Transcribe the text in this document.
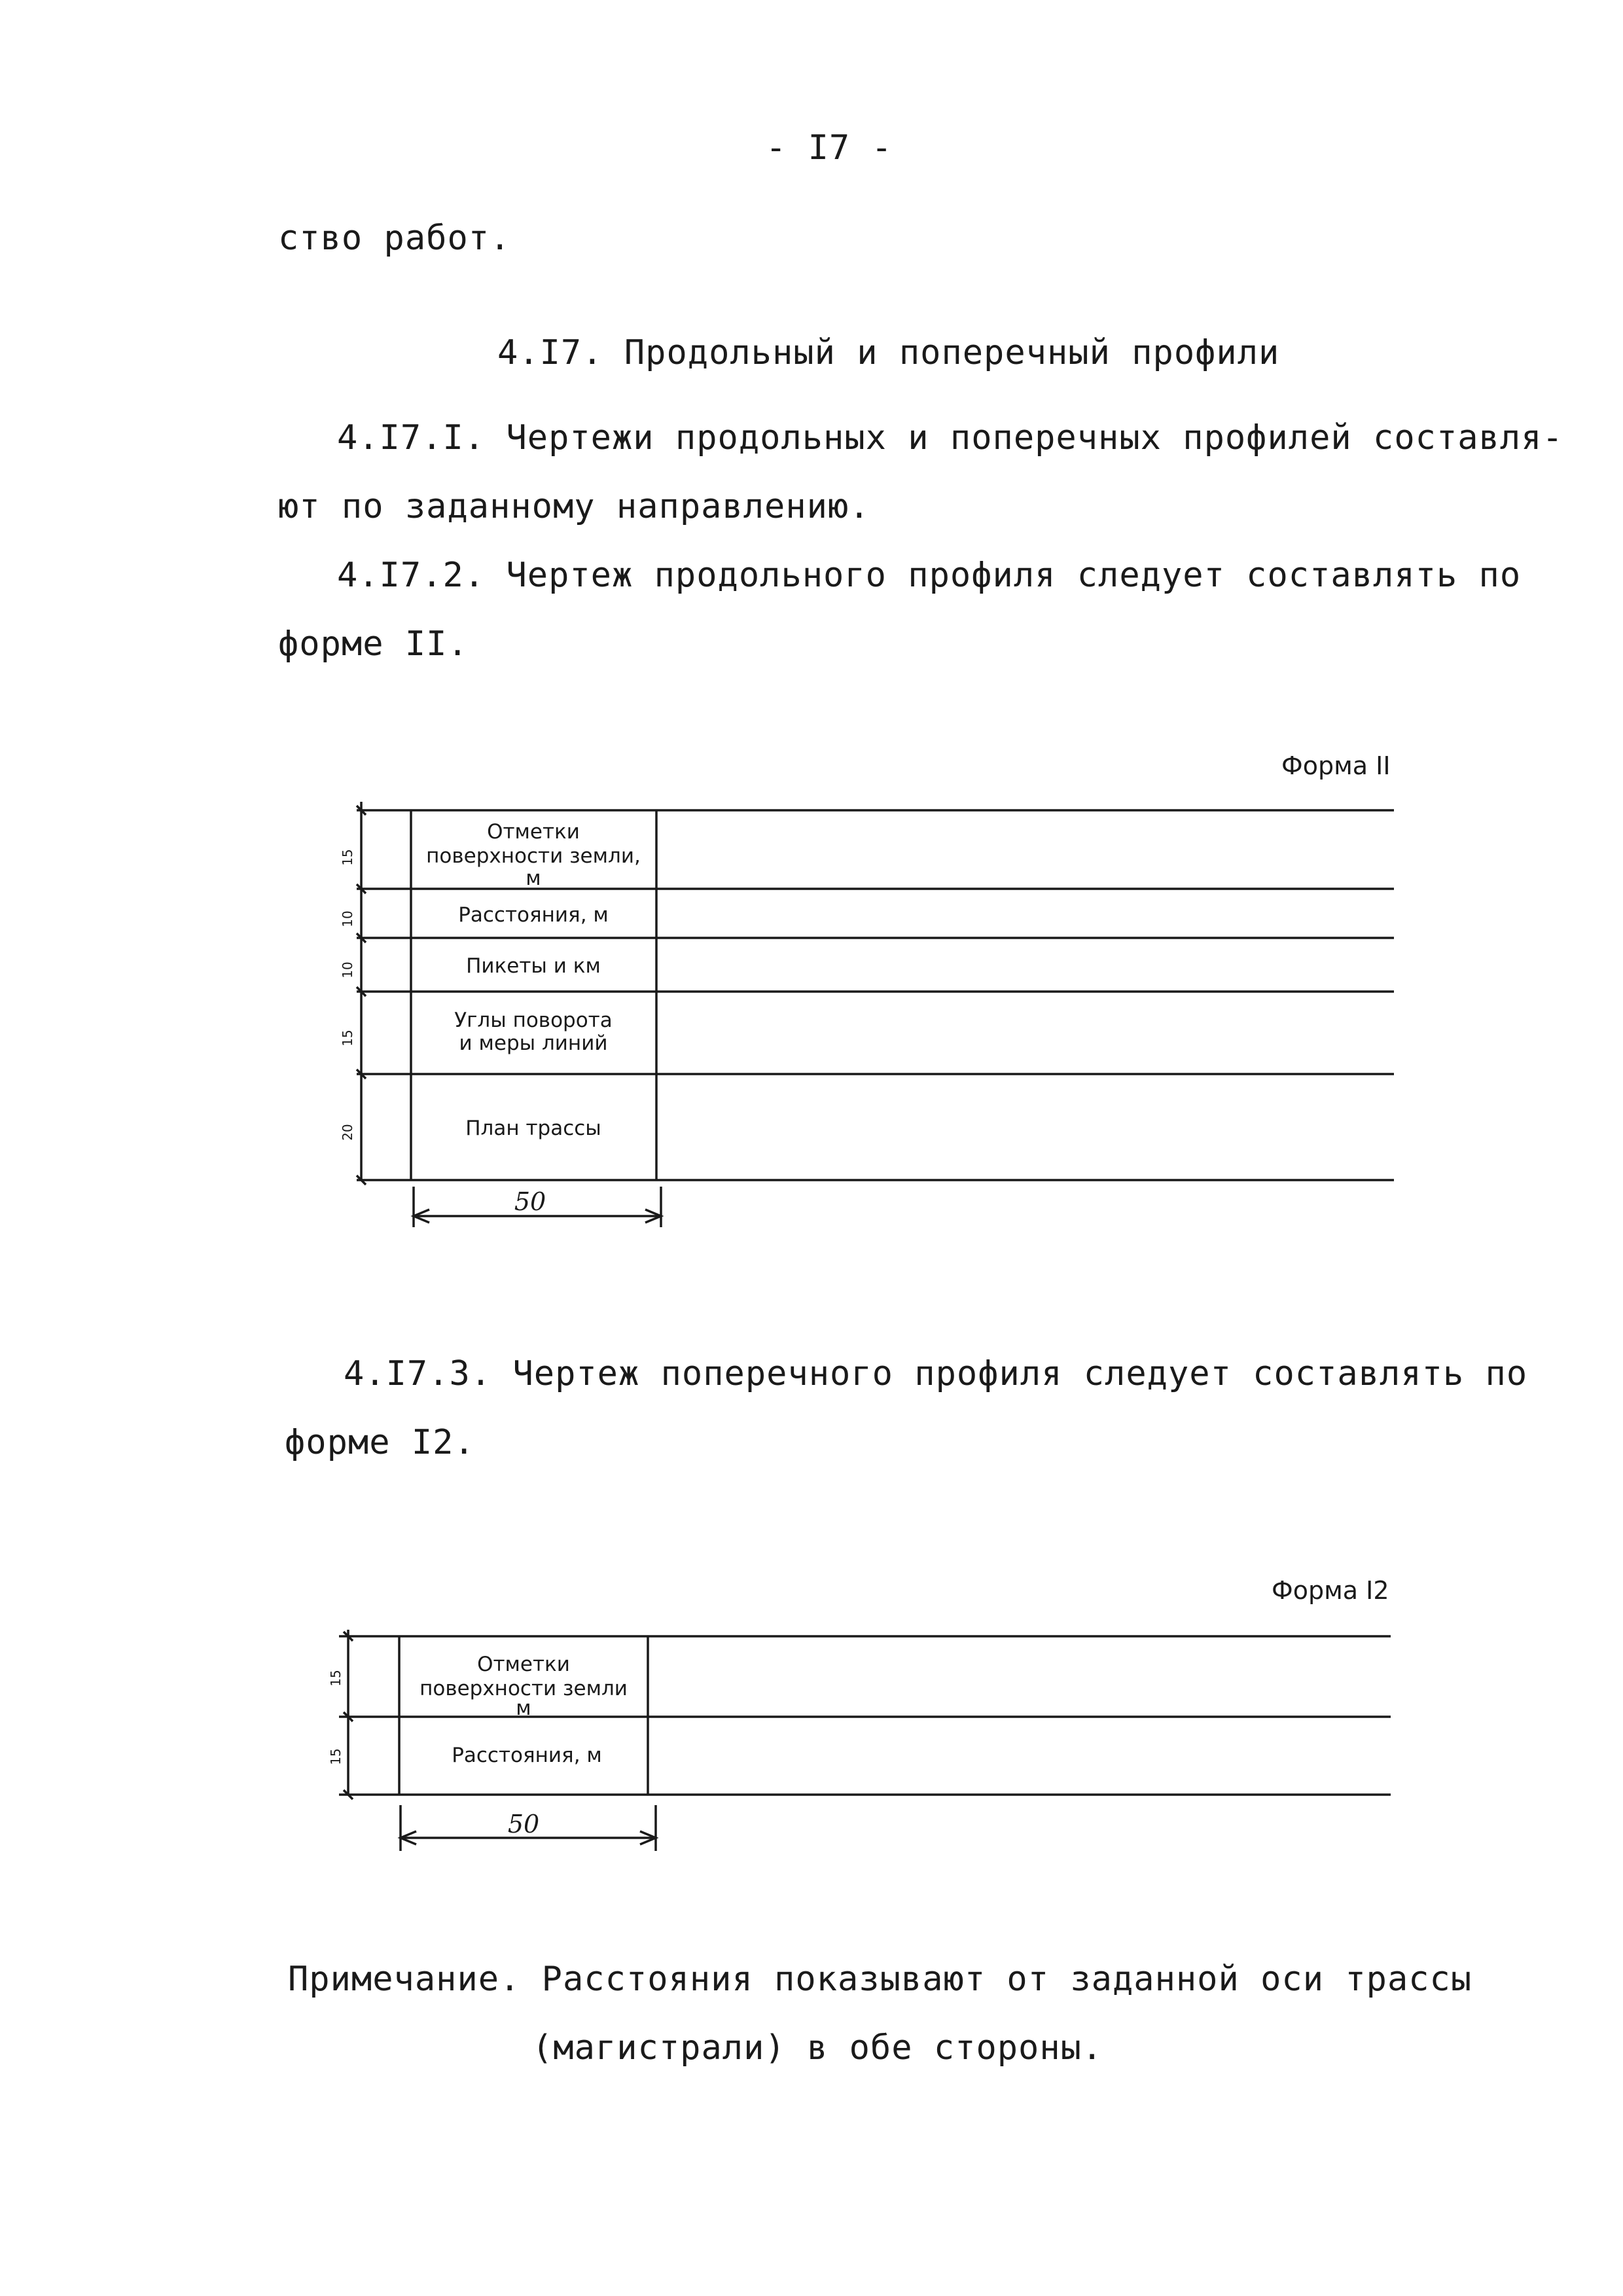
- I7 -
ство работ.
4.I7. Продольный и поперечный профили
4.I7.I. Чертежи продольных и поперечных профилей составля-
ют по заданному направлению.
4.I7.2. Чертеж продольного профиля следует составлять по
форме II.
Форма II
15
10
10
15
20
Отметки
поверхности земли,
м
Расстояния, м
Пикеты и км
Углы поворота
и меры линий
План трассы
50
4.I7.3. Чертеж поперечного профиля следует составлять по
форме I2.
Форма I2
15
15
Отметки
поверхности земли
м
Расстояния, м
50
Примечание. Расстояния показывают от заданной оси трассы
(магистрали) в обе стороны.
